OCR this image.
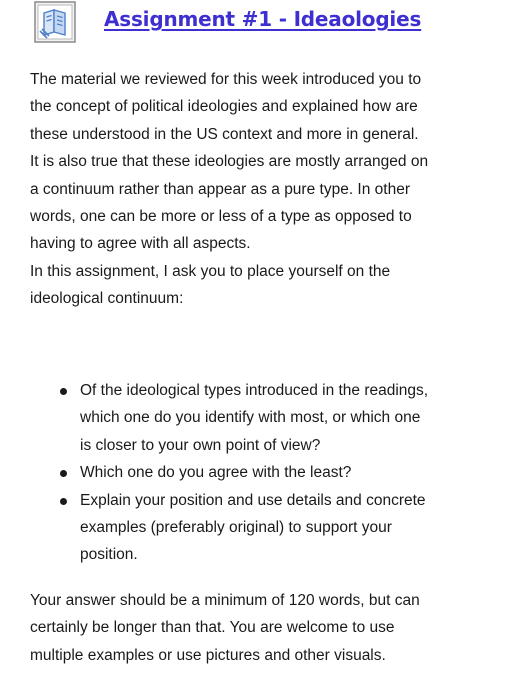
Assignment #1 - Ideaologies

The material we reviewed for this week introduced you to the concept of political ideologies and explained how are these understood in the US context and more in general. It is also true that these ideologies are mostly arranged on a continuum rather than appear as a pure type. In other words, one can be more or less of a type as opposed to having to agree with all aspects.

In this assignment, I ask you to place yourself on the ideological continuum:

Of the ideological types introduced in the readings, which one do you identify with most, or which one is closer to your own point of view?
Which one do you agree with the least?
Explain your position and use details and concrete examples (preferably original) to support your position.

Your answer should be a minimum of 120 words, but can certainly be longer than that. You are welcome to use multiple examples or use pictures and other visuals.
